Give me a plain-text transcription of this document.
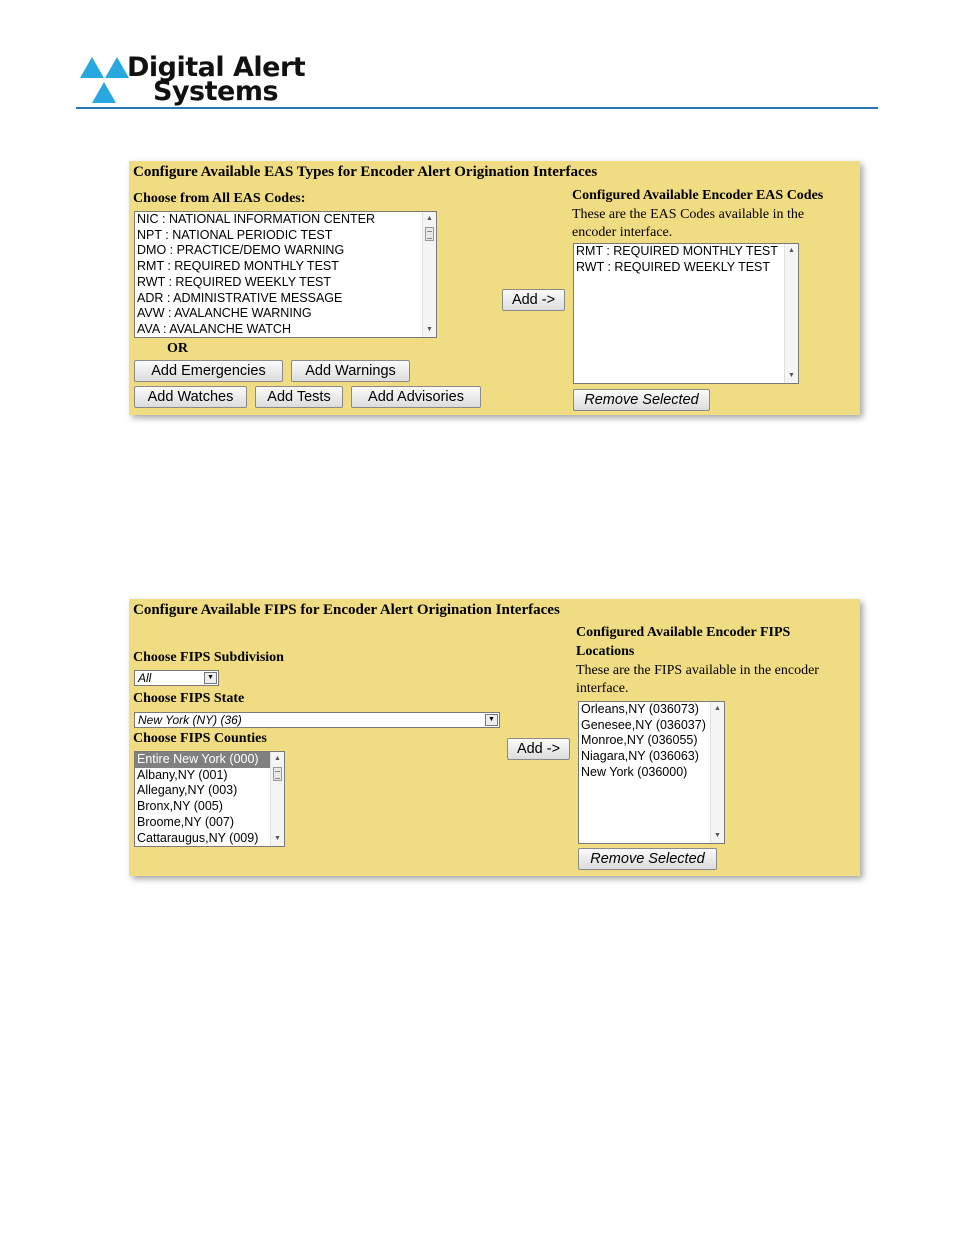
Digital Alert
Systems
Configure Available EAS Types for Encoder Alert Origination Interfaces
Choose from All EAS Codes:
NIC : NATIONAL INFORMATION CENTER
NPT : NATIONAL PERIODIC TEST
DMO : PRACTICE/DEMO WARNING
RMT : REQUIRED MONTHLY TEST
RWT : REQUIRED WEEKLY TEST
ADR : ADMINISTRATIVE MESSAGE
AVW : AVALANCHE WARNING
AVA : AVALANCHE WATCH
▲
▼
OR
Add Emergencies	Add Warnings
Add Watches	Add Tests	Add Advisories
Add ->
Configured Available Encoder EAS Codes
These are the EAS Codes available in the encoder interface.
RMT : REQUIRED MONTHLY TEST
RWT : REQUIRED WEEKLY TEST
▲
▼
Remove Selected
Configure Available FIPS for Encoder Alert Origination Interfaces
Choose FIPS Subdivision
All	▼
Choose FIPS State
New York (NY) (36)	▼
Choose FIPS Counties
Entire New York (000)
Albany,NY (001)
Allegany,NY (003)
Bronx,NY (005)
Broome,NY (007)
Cattaraugus,NY (009)
▲
▼
Add ->
Configured Available Encoder FIPS
Locations
These are the FIPS available in the encoder interface.
Orleans,NY (036073)
Genesee,NY (036037)
Monroe,NY (036055)
Niagara,NY (036063)
New York (036000)
▲
▼
Remove Selected
